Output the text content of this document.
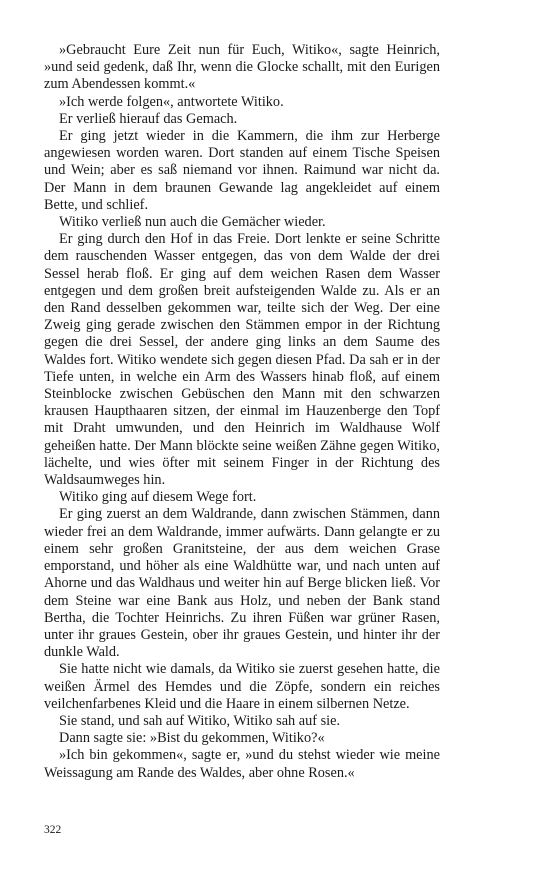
»Gebraucht Eure Zeit nun für Euch, Witiko«, sagte Heinrich, »und seid gedenk, daß Ihr, wenn die Glocke schallt, mit den Eurigen zum Abendessen kommt.«

»Ich werde folgen«, antwortete Witiko.

Er verließ hierauf das Gemach.

Er ging jetzt wieder in die Kammern, die ihm zur Herberge angewiesen worden waren. Dort standen auf einem Tische Speisen und Wein; aber es saß niemand vor ihnen. Raimund war nicht da. Der Mann in dem braunen Gewande lag angekleidet auf einem Bette, und schlief.

Witiko verließ nun auch die Gemächer wieder.

Er ging durch den Hof in das Freie. Dort lenkte er seine Schritte dem rauschenden Wasser entgegen, das von dem Walde der drei Sessel herab floß. Er ging auf dem weichen Rasen dem Wasser entgegen und dem großen breit aufsteigenden Walde zu. Als er an den Rand desselben gekommen war, teilte sich der Weg. Der eine Zweig ging gerade zwischen den Stämmen empor in der Richtung gegen die drei Sessel, der andere ging links an dem Saume des Waldes fort. Witiko wendete sich gegen diesen Pfad. Da sah er in der Tiefe unten, in welche ein Arm des Wassers hinab floß, auf einem Steinblocke zwischen Gebüschen den Mann mit den schwarzen krausen Haupthaaren sitzen, der einmal im Hauzenberge den Topf mit Draht umwunden, und den Heinrich im Waldhause Wolf geheißen hatte. Der Mann blöckte seine weißen Zähne gegen Witiko, lächelte, und wies öfter mit seinem Finger in der Richtung des Waldsaumweges hin.

Witiko ging auf diesem Wege fort.

Er ging zuerst an dem Waldrande, dann zwischen Stämmen, dann wieder frei an dem Waldrande, immer aufwärts. Dann gelangte er zu einem sehr großen Granitsteine, der aus dem weichen Grase emporstand, und höher als eine Waldhütte war, und nach unten auf Ahorne und das Waldhaus und weiter hin auf Berge blicken ließ. Vor dem Steine war eine Bank aus Holz, und neben der Bank stand Bertha, die Tochter Heinrichs. Zu ihren Füßen war grüner Rasen, unter ihr graues Gestein, ober ihr graues Gestein, und hinter ihr der dunkle Wald.

Sie hatte nicht wie damals, da Witiko sie zuerst gesehen hatte, die weißen Ärmel des Hemdes und die Zöpfe, sondern ein reiches veilchenfarbenes Kleid und die Haare in einem silbernen Netze.

Sie stand, und sah auf Witiko, Witiko sah auf sie.

Dann sagte sie: »Bist du gekommen, Witiko?«

»Ich bin gekommen«, sagte er, »und du stehst wieder wie meine Weissagung am Rande des Waldes, aber ohne Rosen.«

322
